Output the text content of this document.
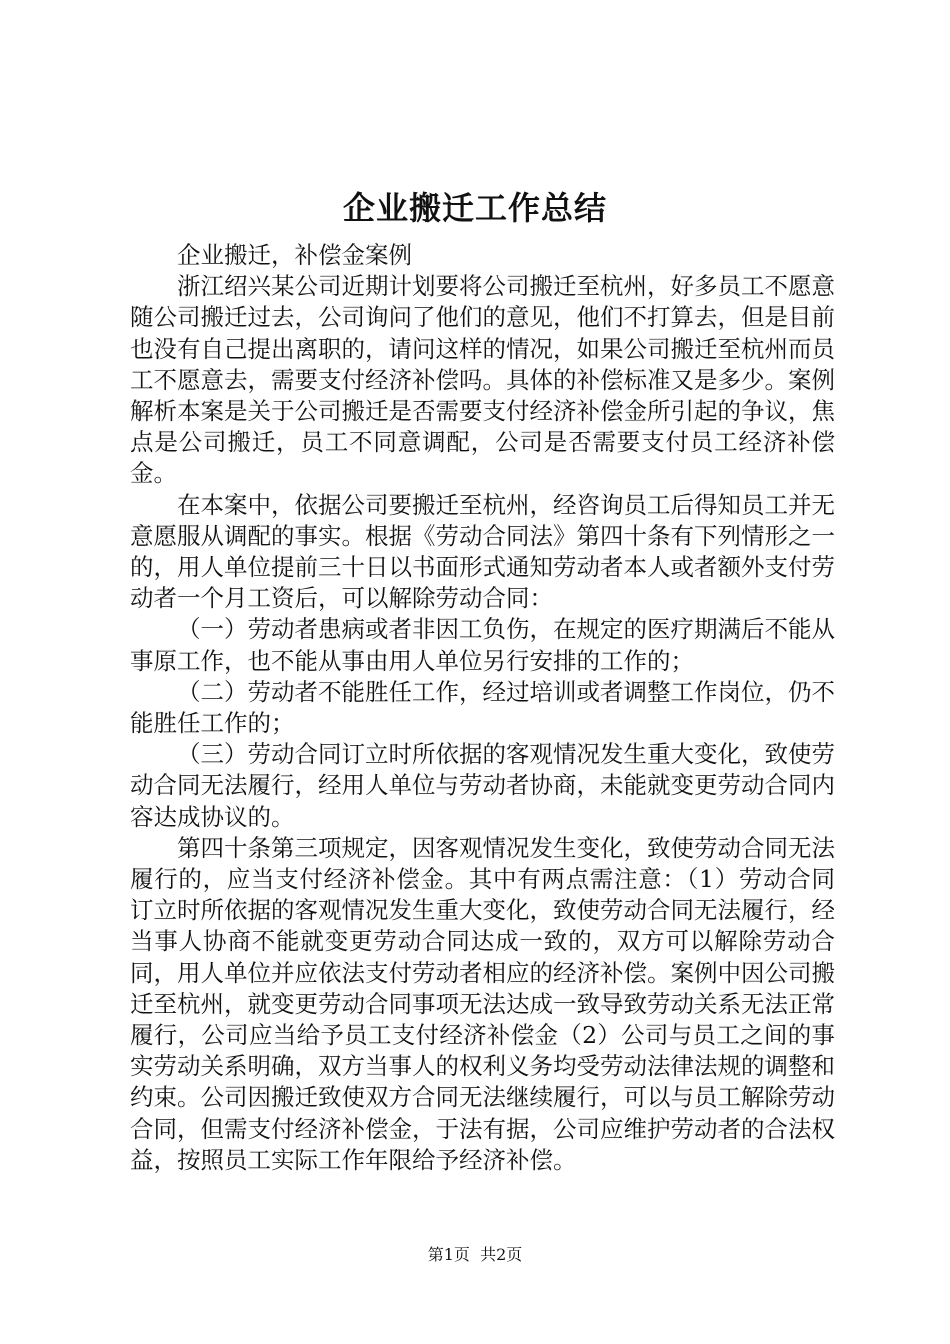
企业搬迁工作总结

企业搬迁，补偿金案例

浙江绍兴某公司近期计划要将公司搬迁至杭州，好多员工不愿意随公司搬迁过去，公司询问了他们的意见，他们不打算去，但是目前也没有自己提出离职的，请问这样的情况，如果公司搬迁至杭州而员工不愿意去，需要支付经济补偿吗。具体的补偿标准又是多少。案例解析本案是关于公司搬迁是否需要支付经济补偿金所引起的争议，焦点是公司搬迁，员工不同意调配，公司是否需要支付员工经济补偿金。

在本案中，依据公司要搬迁至杭州，经咨询员工后得知员工并无意愿服从调配的事实。根据《劳动合同法》第四十条有下列情形之一的，用人单位提前三十日以书面形式通知劳动者本人或者额外支付劳动者一个月工资后，可以解除劳动合同：

（一）劳动者患病或者非因工负伤，在规定的医疗期满后不能从事原工作，也不能从事由用人单位另行安排的工作的；

（二）劳动者不能胜任工作，经过培训或者调整工作岗位，仍不能胜任工作的；

（三）劳动合同订立时所依据的客观情况发生重大变化，致使劳动合同无法履行，经用人单位与劳动者协商，未能就变更劳动合同内容达成协议的。

第四十条第三项规定，因客观情况发生变化，致使劳动合同无法履行的，应当支付经济补偿金。其中有两点需注意：（1）劳动合同订立时所依据的客观情况发生重大变化，致使劳动合同无法履行，经当事人协商不能就变更劳动合同达成一致的，双方可以解除劳动合同，用人单位并应依法支付劳动者相应的经济补偿。案例中因公司搬迁至杭州，就变更劳动合同事项无法达成一致导致劳动关系无法正常履行，公司应当给予员工支付经济补偿金（2）公司与员工之间的事实劳动关系明确，双方当事人的权利义务均受劳动法律法规的调整和约束。公司因搬迁致使双方合同无法继续履行，可以与员工解除劳动合同，但需支付经济补偿金，于法有据，公司应维护劳动者的合法权益，按照员工实际工作年限给予经济补偿。

第1页 共2页
